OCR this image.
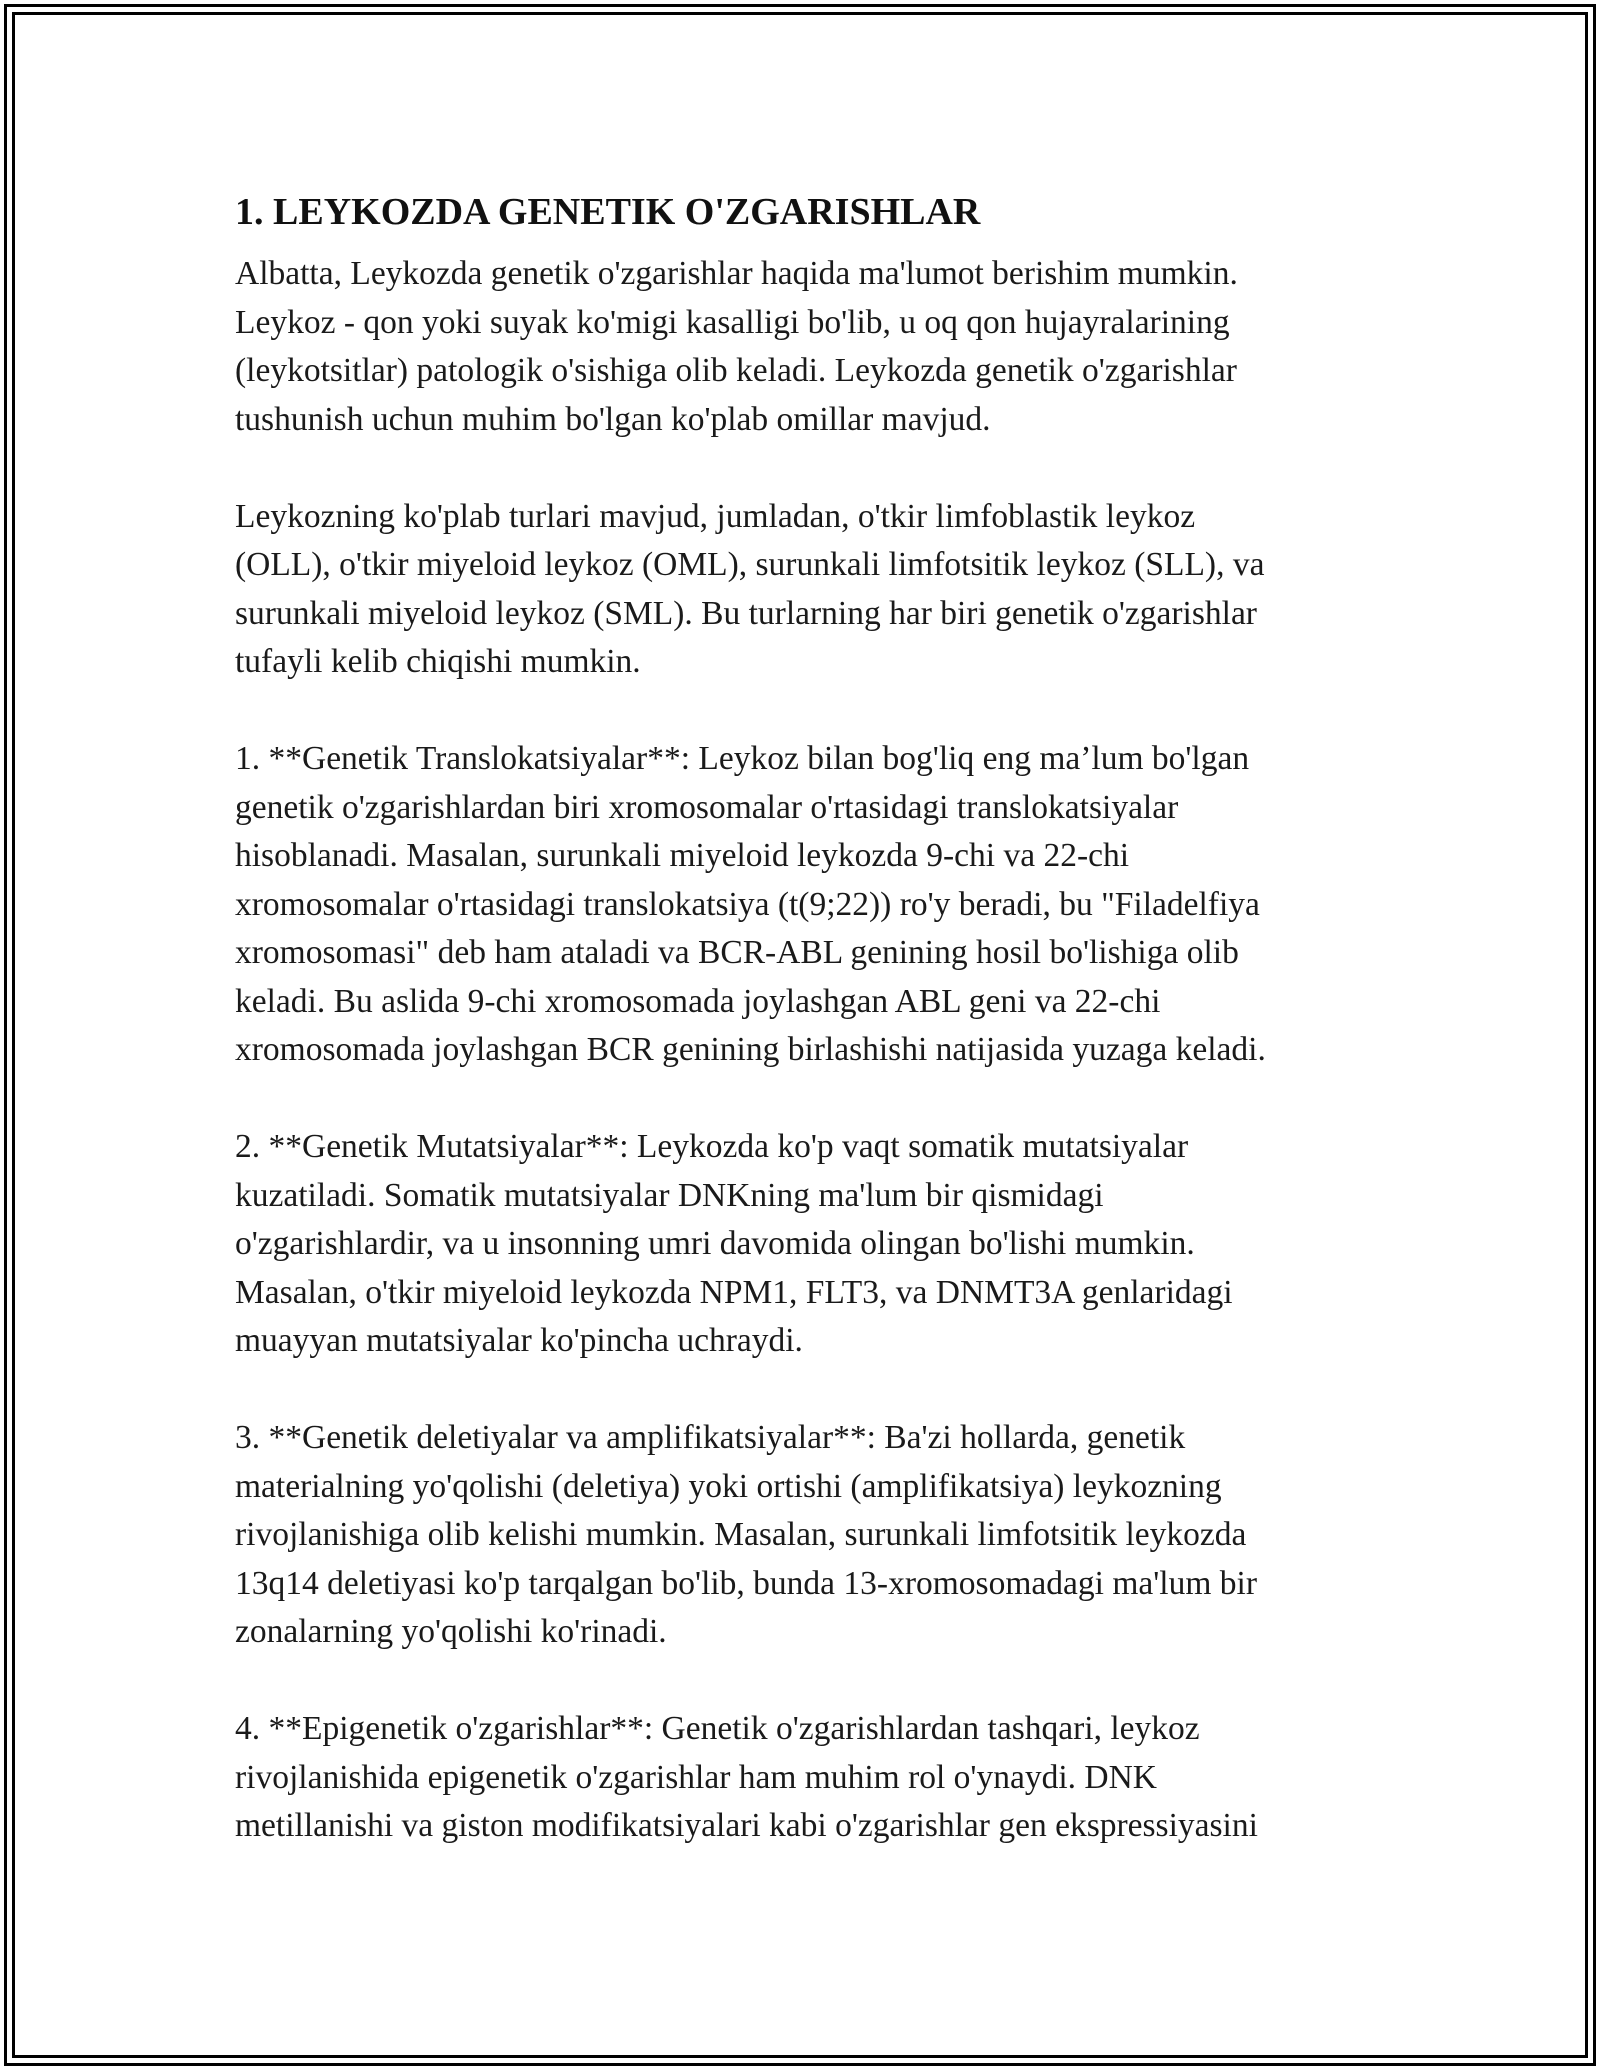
1. LEYKOZDA GENETIK O'ZGARISHLAR

Albatta, Leykozda genetik o'zgarishlar haqida ma'lumot berishim mumkin.
Leykoz - qon yoki suyak ko'migi kasalligi bo'lib, u oq qon hujayralarining
(leykotsitlar) patologik o'sishiga olib keladi. Leykozda genetik o'zgarishlar
tushunish uchun muhim bo'lgan ko'plab omillar mavjud.

Leykozning ko'plab turlari mavjud, jumladan, o'tkir limfoblastik leykoz
(OLL), o'tkir miyeloid leykoz (OML), surunkali limfotsitik leykoz (SLL), va
surunkali miyeloid leykoz (SML). Bu turlarning har biri genetik o'zgarishlar
tufayli kelib chiqishi mumkin.

1. **Genetik Translokatsiyalar**: Leykoz bilan bog'liq eng ma’lum bo'lgan
genetik o'zgarishlardan biri xromosomalar o'rtasidagi translokatsiyalar
hisoblanadi. Masalan, surunkali miyeloid leykozda 9-chi va 22-chi
xromosomalar o'rtasidagi translokatsiya (t(9;22)) ro'y beradi, bu "Filadelfiya
xromosomasi" deb ham ataladi va BCR-ABL genining hosil bo'lishiga olib
keladi. Bu aslida 9-chi xromosomada joylashgan ABL geni va 22-chi
xromosomada joylashgan BCR genining birlashishi natijasida yuzaga keladi.

2. **Genetik Mutatsiyalar**: Leykozda ko'p vaqt somatik mutatsiyalar
kuzatiladi. Somatik mutatsiyalar DNKning ma'lum bir qismidagi
o'zgarishlardir, va u insonning umri davomida olingan bo'lishi mumkin.
Masalan, o'tkir miyeloid leykozda NPM1, FLT3, va DNMT3A genlaridagi
muayyan mutatsiyalar ko'pincha uchraydi.

3. **Genetik deletiyalar va amplifikatsiyalar**: Ba'zi hollarda, genetik
materialning yo'qolishi (deletiya) yoki ortishi (amplifikatsiya) leykozning
rivojlanishiga olib kelishi mumkin. Masalan, surunkali limfotsitik leykozda
13q14 deletiyasi ko'p tarqalgan bo'lib, bunda 13-xromosomadagi ma'lum bir
zonalarning yo'qolishi ko'rinadi.

4. **Epigenetik o'zgarishlar**: Genetik o'zgarishlardan tashqari, leykoz
rivojlanishida epigenetik o'zgarishlar ham muhim rol o'ynaydi. DNK
metillanishi va giston modifikatsiyalari kabi o'zgarishlar gen ekspressiyasini
